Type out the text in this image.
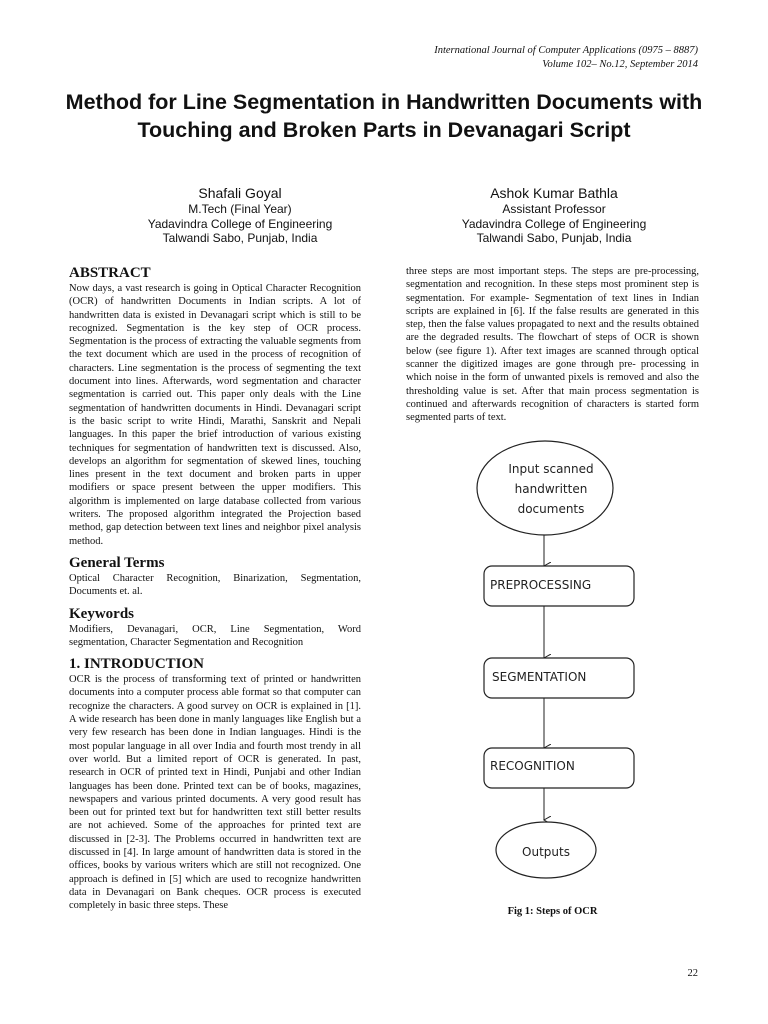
International Journal of Computer Applications (0975 – 8887)
Volume 102– No.12, September 2014
Method for Line Segmentation in Handwritten Documents with Touching and Broken Parts in Devanagari Script
Shafali Goyal
M.Tech (Final Year)
Yadavindra College of Engineering
Talwandi Sabo, Punjab, India
Ashok Kumar Bathla
Assistant Professor
Yadavindra College of Engineering
Talwandi Sabo, Punjab, India
ABSTRACT

Now days, a vast research is going in Optical Character Recognition (OCR) of handwritten Documents in Indian scripts. A lot of handwritten data is existed in Devanagari script which is still to be recognized. Segmentation is the key step of OCR process. Segmentation is the process of extracting the valuable segments from the text document which are used in the process of recognition of characters. Line segmentation is the process of segmenting the text document into lines. Afterwards, word segmentation and character segmentation is carried out. This paper only deals with the Line segmentation of handwritten documents in Hindi. Devanagari script is the basic script to write Hindi, Marathi, Sanskrit and Nepali languages. In this paper the brief introduction of various existing techniques for segmentation of handwritten text is discussed. Also, develops an algorithm for segmentation of skewed lines, touching lines present in the text document and broken parts in upper modifiers or space present between the upper modifiers. This algorithm is implemented on large database collected from various writers. The proposed algorithm integrated the Projection based method, gap detection between text lines and neighbor pixel analysis method.

General Terms

Optical Character Recognition, Binarization, Segmentation, Documents et. al.

Keywords

Modifiers, Devanagari, OCR, Line Segmentation, Word segmentation, Character Segmentation and Recognition

1. INTRODUCTION

OCR is the process of transforming text of printed or handwritten documents into a computer process able format so that computer can recognize the characters. A good survey on OCR is explained in [1]. A wide research has been done in manly languages like English but a very few research has been done in Indian languages. Hindi is the most popular language in all over India and fourth most trendy in all over world. But a limited report of OCR is generated. In past, research in OCR of printed text in Hindi, Punjabi and other Indian languages has been done. Printed text can be of books, magazines, newspapers and various printed documents. A very good result has been out for printed text but for handwritten text still better results are not achieved. Some of the approaches for printed text are discussed in [2-3]. The Problems occurred in handwritten text are discussed in [4]. In large amount of handwritten data is stored in the offices, books by various writers which are still not recognized. One approach is defined in [5] which are used to recognize handwritten data in Devanagari on Bank cheques. OCR process is executed completely in basic three steps. These

three steps are most important steps. The steps are pre-processing, segmentation and recognition. In these steps most prominent step is segmentation. For example- Segmentation of text lines in Indian scripts are explained in [6]. If the false results are generated in this step, then the false values propagated to next and the results obtained are the degraded results. The flowchart of steps of OCR is shown below (see figure 1). After text images are scanned through optical scanner the digitized images are gone through pre- processing in which noise in the form of unwanted pixels is removed and also the thresholding value is set. After that main process segmentation is continued and afterwards recognition of characters is started form segmented parts of text.

Input scanned
handwritten
documents
PREPROCESSING
SEGMENTATION
RECOGNITION
Outputs
Fig 1: Steps of OCR
22
